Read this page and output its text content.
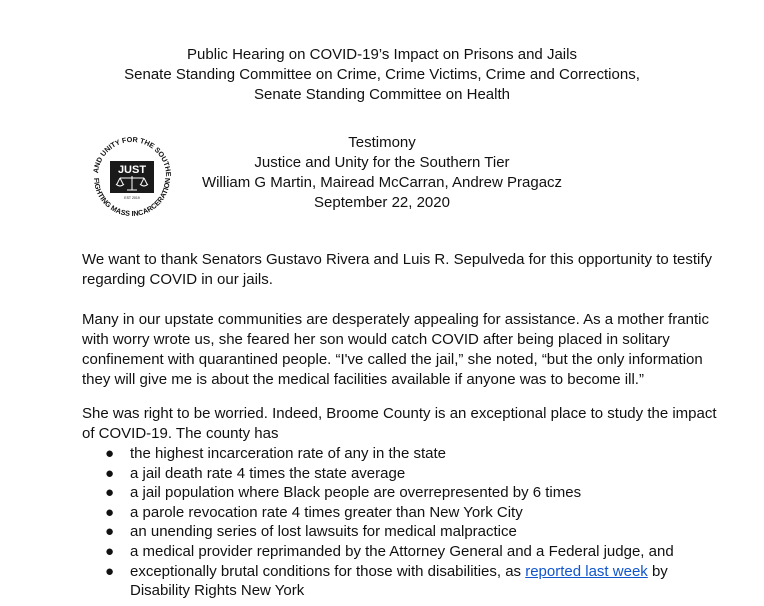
Public Hearing on COVID-19’s Impact on Prisons and Jails
Senate Standing Committee on Crime, Crime Victims, Crime and Corrections,
Senate Standing Committee on Health
AND UNITY FOR THE SOUTHE
FIGHTING MASS INCARCERATION
JUST
EST 2019
Testimony
Justice and Unity for the Southern Tier
William G Martin, Mairead McCarran, Andrew Pragacz
September 22, 2020

We want to thank Senators Gustavo Rivera and Luis R. Sepulveda for this opportunity to testify regarding COVID in our jails.

Many in our upstate communities are desperately appealing for assistance. As a mother frantic with worry wrote us, she feared her son would catch COVID after being placed in solitary confinement with quarantined people. “I've called the jail,” she noted, “but the only information they will give me is about the medical facilities available if anyone was to become ill.”

She was right to be worried. Indeed, Broome County is an exceptional place to study the impact of COVID-19. The county has

● the highest incarceration rate of any in the state
● a jail death rate 4 times the state average
● a jail population where Black people are overrepresented by 6 times
● a parole revocation rate 4 times greater than New York City
● an unending series of lost lawsuits for medical malpractice
● a medical provider reprimanded by the Attorney General and a Federal judge, and
● exceptionally brutal conditions for those with disabilities, as reported last week by Disability Rights New York
